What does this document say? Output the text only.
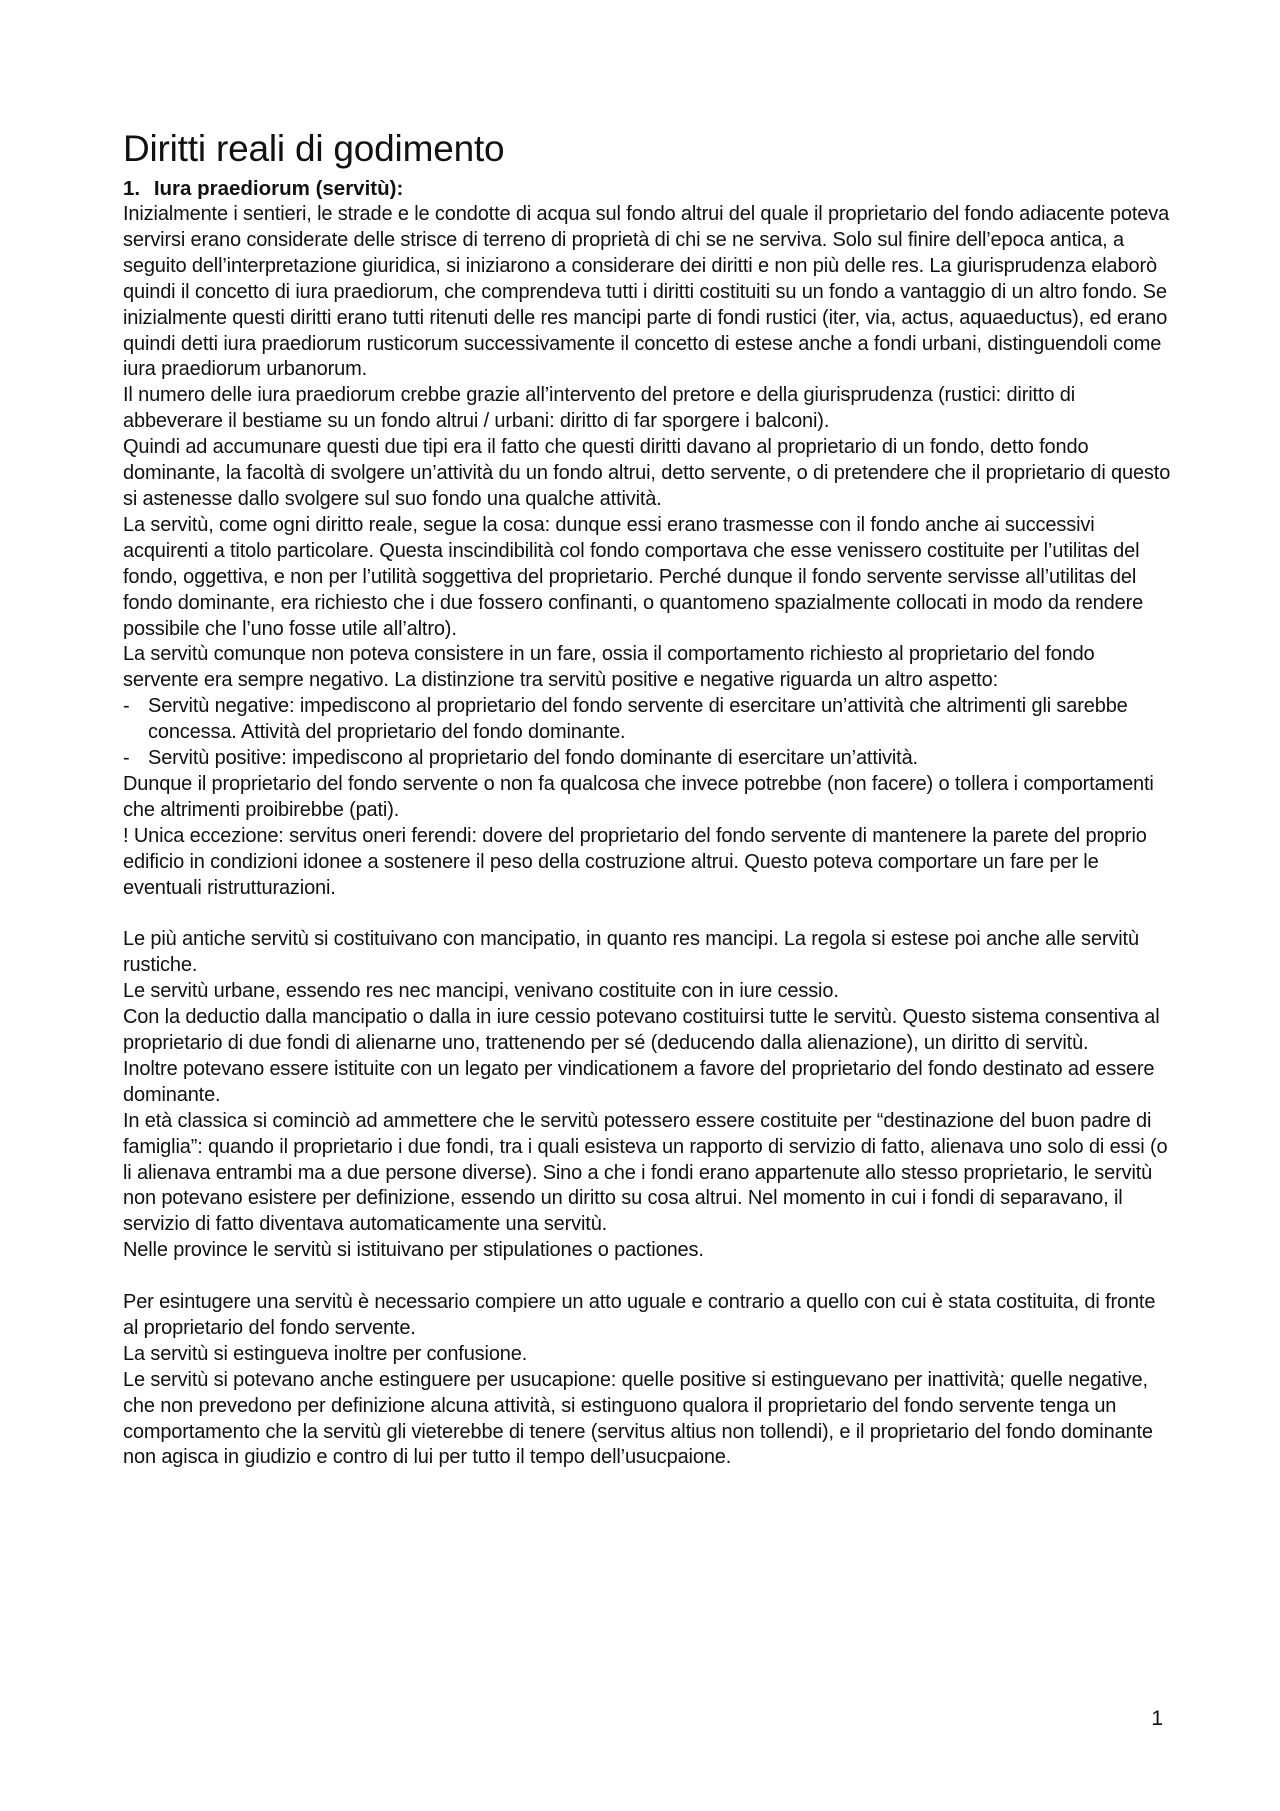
Diritti reali di godimento
1. Iura praediorum (servitù):

Inizialmente i sentieri, le strade e le condotte di acqua sul fondo altrui del quale il proprietario del fondo adiacente poteva servirsi erano considerate delle strisce di terreno di proprietà di chi se ne serviva. Solo sul finire dell’epoca antica, a seguito dell’interpretazione giuridica, si iniziarono a considerare dei diritti e non più delle res. La giurisprudenza elaborò quindi il concetto di iura praediorum, che comprendeva tutti i diritti costituiti su un fondo a vantaggio di un altro fondo. Se inizialmente questi diritti erano tutti ritenuti delle res mancipi parte di fondi rustici (iter, via, actus, aquaeductus), ed erano quindi detti iura praediorum rusticorum successivamente il concetto di estese anche a fondi urbani, distinguendoli come iura praediorum urbanorum.

Il numero delle iura praediorum crebbe grazie all’intervento del pretore e della giurisprudenza (rustici: diritto di abbeverare il bestiame su un fondo altrui / urbani: diritto di far sporgere i balconi).

Quindi ad accumunare questi due tipi era il fatto che questi diritti davano al proprietario di un fondo, detto fondo dominante, la facoltà di svolgere un’attività du un fondo altrui, detto servente, o di pretendere che il proprietario di questo si astenesse dallo svolgere sul suo fondo una qualche attività.

La servitù, come ogni diritto reale, segue la cosa: dunque essi erano trasmesse con il fondo anche ai successivi acquirenti a titolo particolare. Questa inscindibilità col fondo comportava che esse venissero costituite per l’utilitas del fondo, oggettiva, e non per l’utilità soggettiva del proprietario. Perché dunque il fondo servente servisse all’utilitas del fondo dominante, era richiesto che i due fossero confinanti, o quantomeno spazialmente collocati in modo da rendere possibile che l’uno fosse utile all’altro).

La servitù comunque non poteva consistere in un fare, ossia il comportamento richiesto al proprietario del fondo servente era sempre negativo. La distinzione tra servitù positive e negative riguarda un altro aspetto:

- Servitù negative: impediscono al proprietario del fondo servente di esercitare un’attività che altrimenti gli sarebbe concessa. Attività del proprietario del fondo dominante.
- Servitù positive: impediscono al proprietario del fondo dominante di esercitare un’attività.

Dunque il proprietario del fondo servente o non fa qualcosa che invece potrebbe (non facere) o tollera i comportamenti che altrimenti proibirebbe (pati).

! Unica eccezione: servitus oneri ferendi: dovere del proprietario del fondo servente di mantenere la parete del proprio edificio in condizioni idonee a sostenere il peso della costruzione altrui. Questo poteva comportare un fare per le eventuali ristrutturazioni.

Le più antiche servitù si costituivano con mancipatio, in quanto res mancipi. La regola si estese poi anche alle servitù rustiche.

Le servitù urbane, essendo res nec mancipi, venivano costituite con in iure cessio.

Con la deductio dalla mancipatio o dalla in iure cessio potevano costituirsi tutte le servitù. Questo sistema consentiva al proprietario di due fondi di alienarne uno, trattenendo per sé (deducendo dalla alienazione), un diritto di servitù.

Inoltre potevano essere istituite con un legato per vindicationem a favore del proprietario del fondo destinato ad essere dominante.

In età classica si cominciò ad ammettere che le servitù potessero essere costituite per “destinazione del buon padre di famiglia”: quando il proprietario i due fondi, tra i quali esisteva un rapporto di servizio di fatto, alienava uno solo di essi (o li alienava entrambi ma a due persone diverse). Sino a che i fondi erano appartenute allo stesso proprietario, le servitù non potevano esistere per definizione, essendo un diritto su cosa altrui. Nel momento in cui i fondi di separavano, il servizio di fatto diventava automaticamente una servitù.

Nelle province le servitù si istituivano per stipulationes o pactiones.

Per esintugere una servitù è necessario compiere un atto uguale e contrario a quello con cui è stata costituita, di fronte al proprietario del fondo servente.

La servitù si estingueva inoltre per confusione.

Le servitù si potevano anche estinguere per usucapione: quelle positive si estinguevano per inattività; quelle negative, che non prevedono per definizione alcuna attività, si estinguono qualora il proprietario del fondo servente tenga un comportamento che la servitù gli vieterebbe di tenere (servitus altius non tollendi), e il proprietario del fondo dominante non agisca in giudizio e contro di lui per tutto il tempo dell’usucpaione.

1
